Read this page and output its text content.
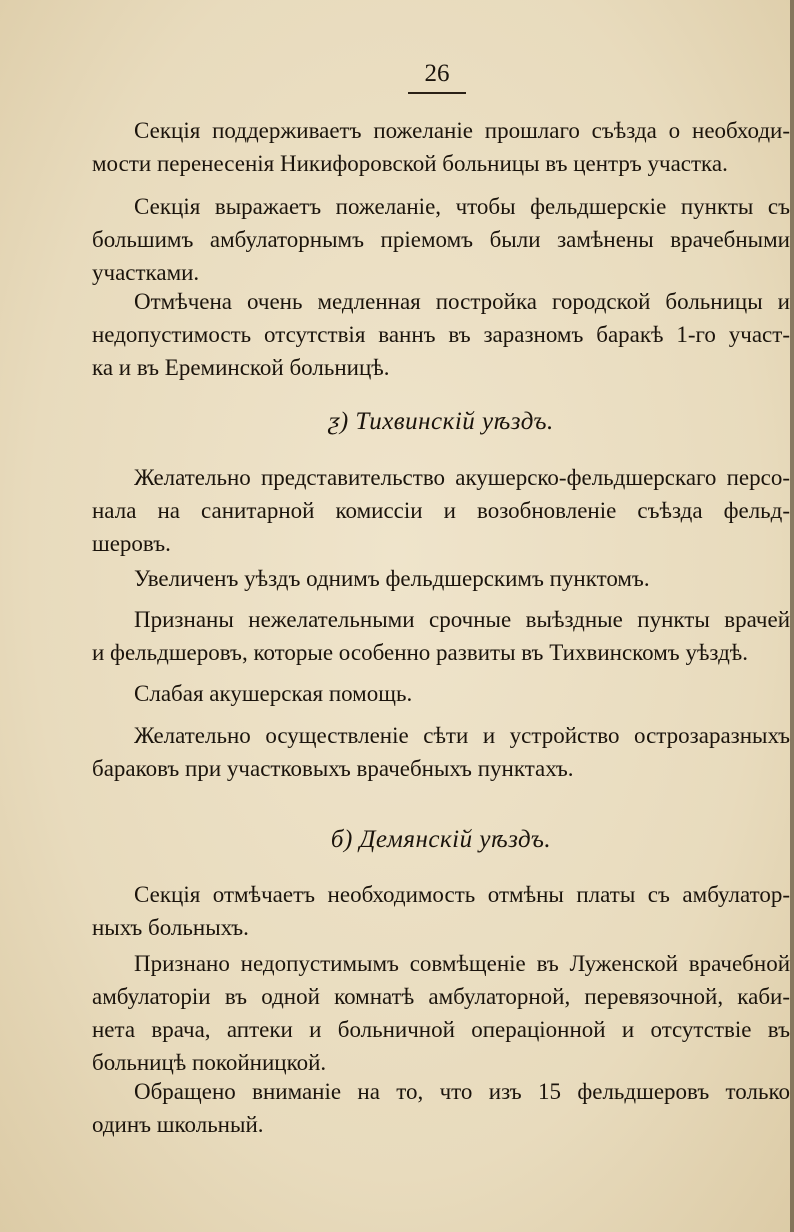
26
Секція поддерживаетъ пожеланіе прошлаго съѣзда о необходи-
мости перенесенія Никифоровской больницы въ центръ участка.
Секція выражаетъ пожеланіе, чтобы фельдшерскіе пункты съ
большимъ амбулаторнымъ пріемомъ были замѣнены врачебными
участками.
Отмѣчена очень медленная постройка городской больницы и
недопустимость отсутствія ваннъ въ заразномъ баракѣ 1-го участ-
ка и въ Ереминской больницѣ.
ƺ) Тихвинскій уѣздъ.
Желательно представительство акушерско-фельдшерскаго персо-
нала на санитарной комиссіи и возобновленіе съѣзда фельд-
шеровъ.
Увеличенъ уѣздъ однимъ фельдшерскимъ пунктомъ.
Признаны нежелательными срочные выѣздные пункты врачей
и фельдшеровъ, которые особенно развиты въ Тихвинскомъ уѣздѣ.
Слабая акушерская помощь.
Желательно осуществленіе сѣти и устройство острозаразныхъ
бараковъ при участковыхъ врачебныхъ пунктахъ.
б) Демянскій уѣздъ.
Секція отмѣчаетъ необходимость отмѣны платы съ амбулатор-
ныхъ больныхъ.
Признано недопустимымъ совмѣщеніе въ Луженской врачебной
амбулаторіи въ одной комнатѣ амбулаторной, перевязочной, каби-
нета врача, аптеки и больничной операціонной и отсутствіе въ
больницѣ покойницкой.
Обращено вниманіе на то, что изъ 15 фельдшеровъ только
одинъ школьный.
